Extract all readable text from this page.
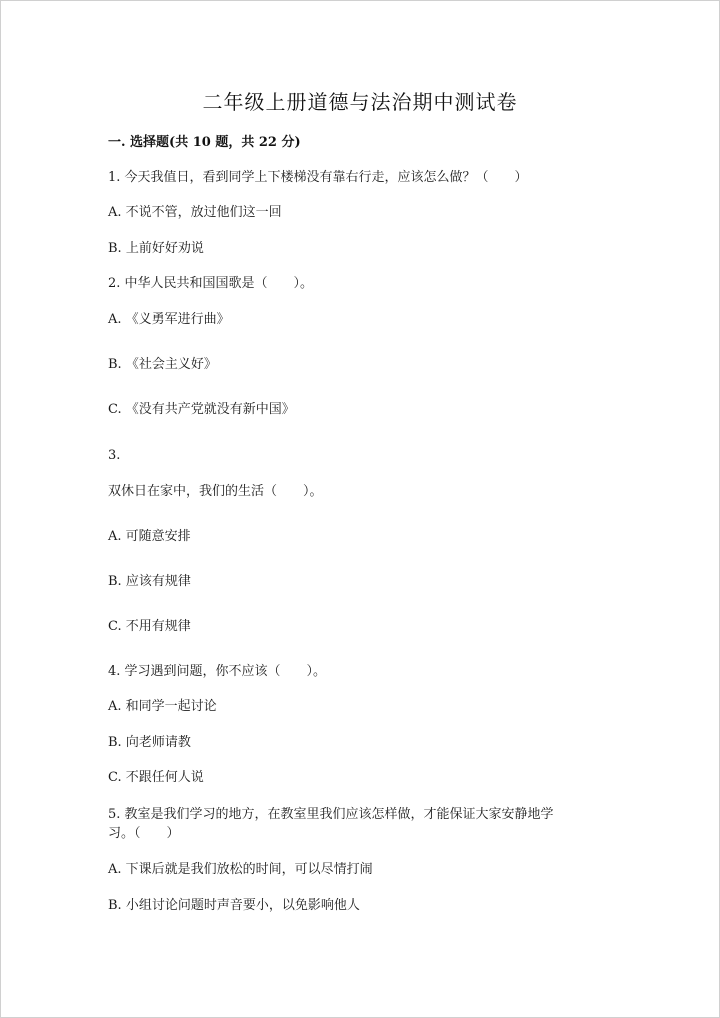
二年级上册道德与法治期中测试卷
一. 选择题(共 10 题，共 22 分)
1. 今天我值日，看到同学上下楼梯没有靠右行走，应该怎么做？（　　）
A. 不说不管，放过他们这一回
B. 上前好好劝说
2. 中华人民共和国国歌是（　　）。
A. 《义勇军进行曲》
B. 《社会主义好》
C. 《没有共产党就没有新中国》
3.
双休日在家中，我们的生活（　　）。
A. 可随意安排
B. 应该有规律
C. 不用有规律
4. 学习遇到问题，你不应该（　　）。
A. 和同学一起讨论
B. 向老师请教
C. 不跟任何人说
5. 教室是我们学习的地方，在教室里我们应该怎样做，才能保证大家安静地学
习。（　　）
A. 下课后就是我们放松的时间，可以尽情打闹
B. 小组讨论问题时声音要小，以免影响他人
